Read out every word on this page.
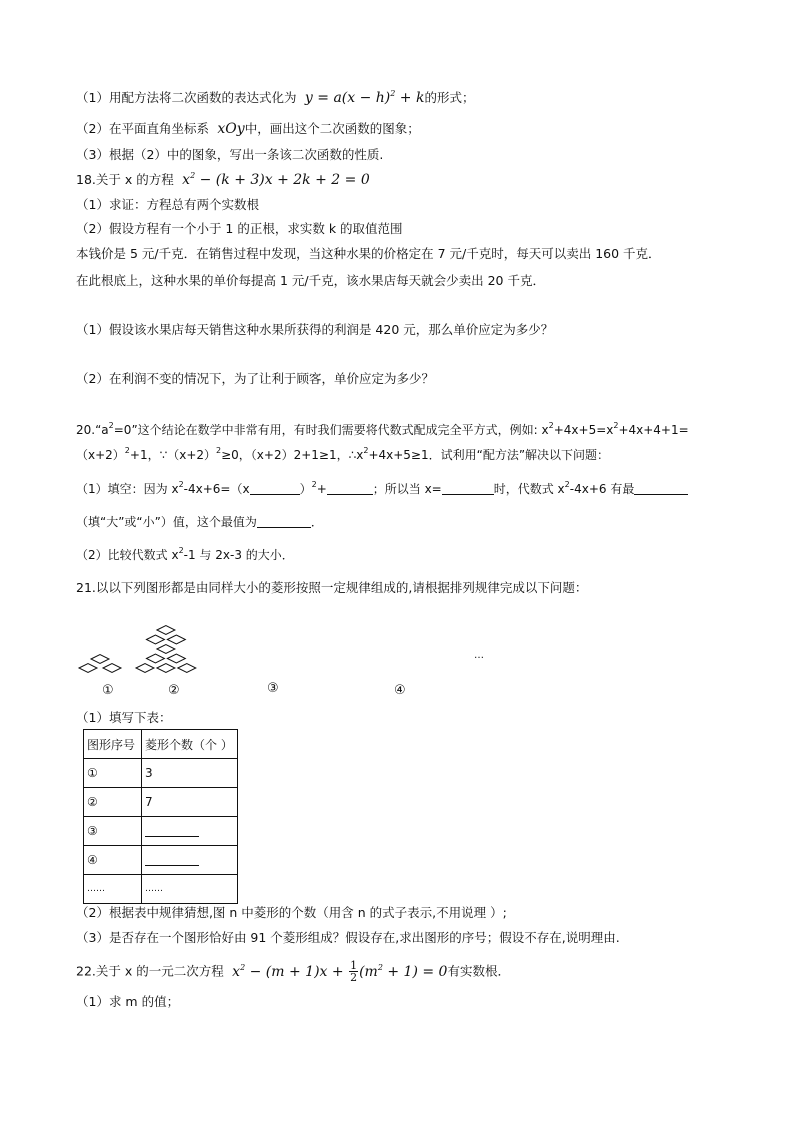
（1）用配方法将二次函数的表达式化为  $y = a(x - h)^2 + k$的形式；
（2）在平面直角坐标系  xOy中，画出这个二次函数的图象；
（3）根据（2）中的图象，写出一条该二次函数的性质.
18.关于 x 的方程  $x^2 - (k + 3)x + 2k + 2 = 0$
（1）求证：方程总有两个实数根
（2）假设方程有一个小于 1 的正根，求实数 k 的取值范围
本钱价是 5 元/千克．在销售过程中发现，当这种水果的价格定在 7 元/千克时，每天可以卖出 160 千克．
在此根底上，这种水果的单价每提高 1 元/千克，该水果店每天就会少卖出 20 千克．
（1）假设该水果店每天销售这种水果所获得的利润是 420 元，那么单价应定为多少？
（2）在利润不变的情况下，为了让利于顾客，单价应定为多少？
$20.“a^2=0$”这个结论在数学中非常有用，有时我们需要将代数式配成完全平方式，例如: $x^2+4x+5=x^2+4x+4+1=$
$(x+2)^2+1$，$\because(x+2)^2\ge 0$，（x+2）2+1≥1，$\therefore x^2+4x+5\ge 1$．试利用“配方法”解决以下问题：
（1）填空：因为 $x^2-4x+6=(x$	）$^2$+	；所以当 x=	时，代数式 $x^2-4x+6$ 有最
（填“大”或“小”）值，这个最值为	．
（2）比较代数式 $x^2-1$ 与 2x-3 的大小．
21.以以下列图形都是由同样大小的菱形按照一定规律组成的,请根据排列规律完成以下问题：
①	②	③	④
…
（1）填写下表：
图形序号	菱形个数（个 ）
①	3
②	7
③	
④	
……	……
（2）根据表中规律猜想,图 n 中菱形的个数（用含 n 的式子表示,不用说理 ）;
（3）是否存在一个图形恰好由 91 个菱形组成？假设存在,求出图形的序号；假设不存在,说明理由.
22.关于 x 的一元二次方程  $x^2 - (m + 1)x + \frac{1}{2} (m^2 + 1) = 0$有实数根．
（1）求 m 的值；
